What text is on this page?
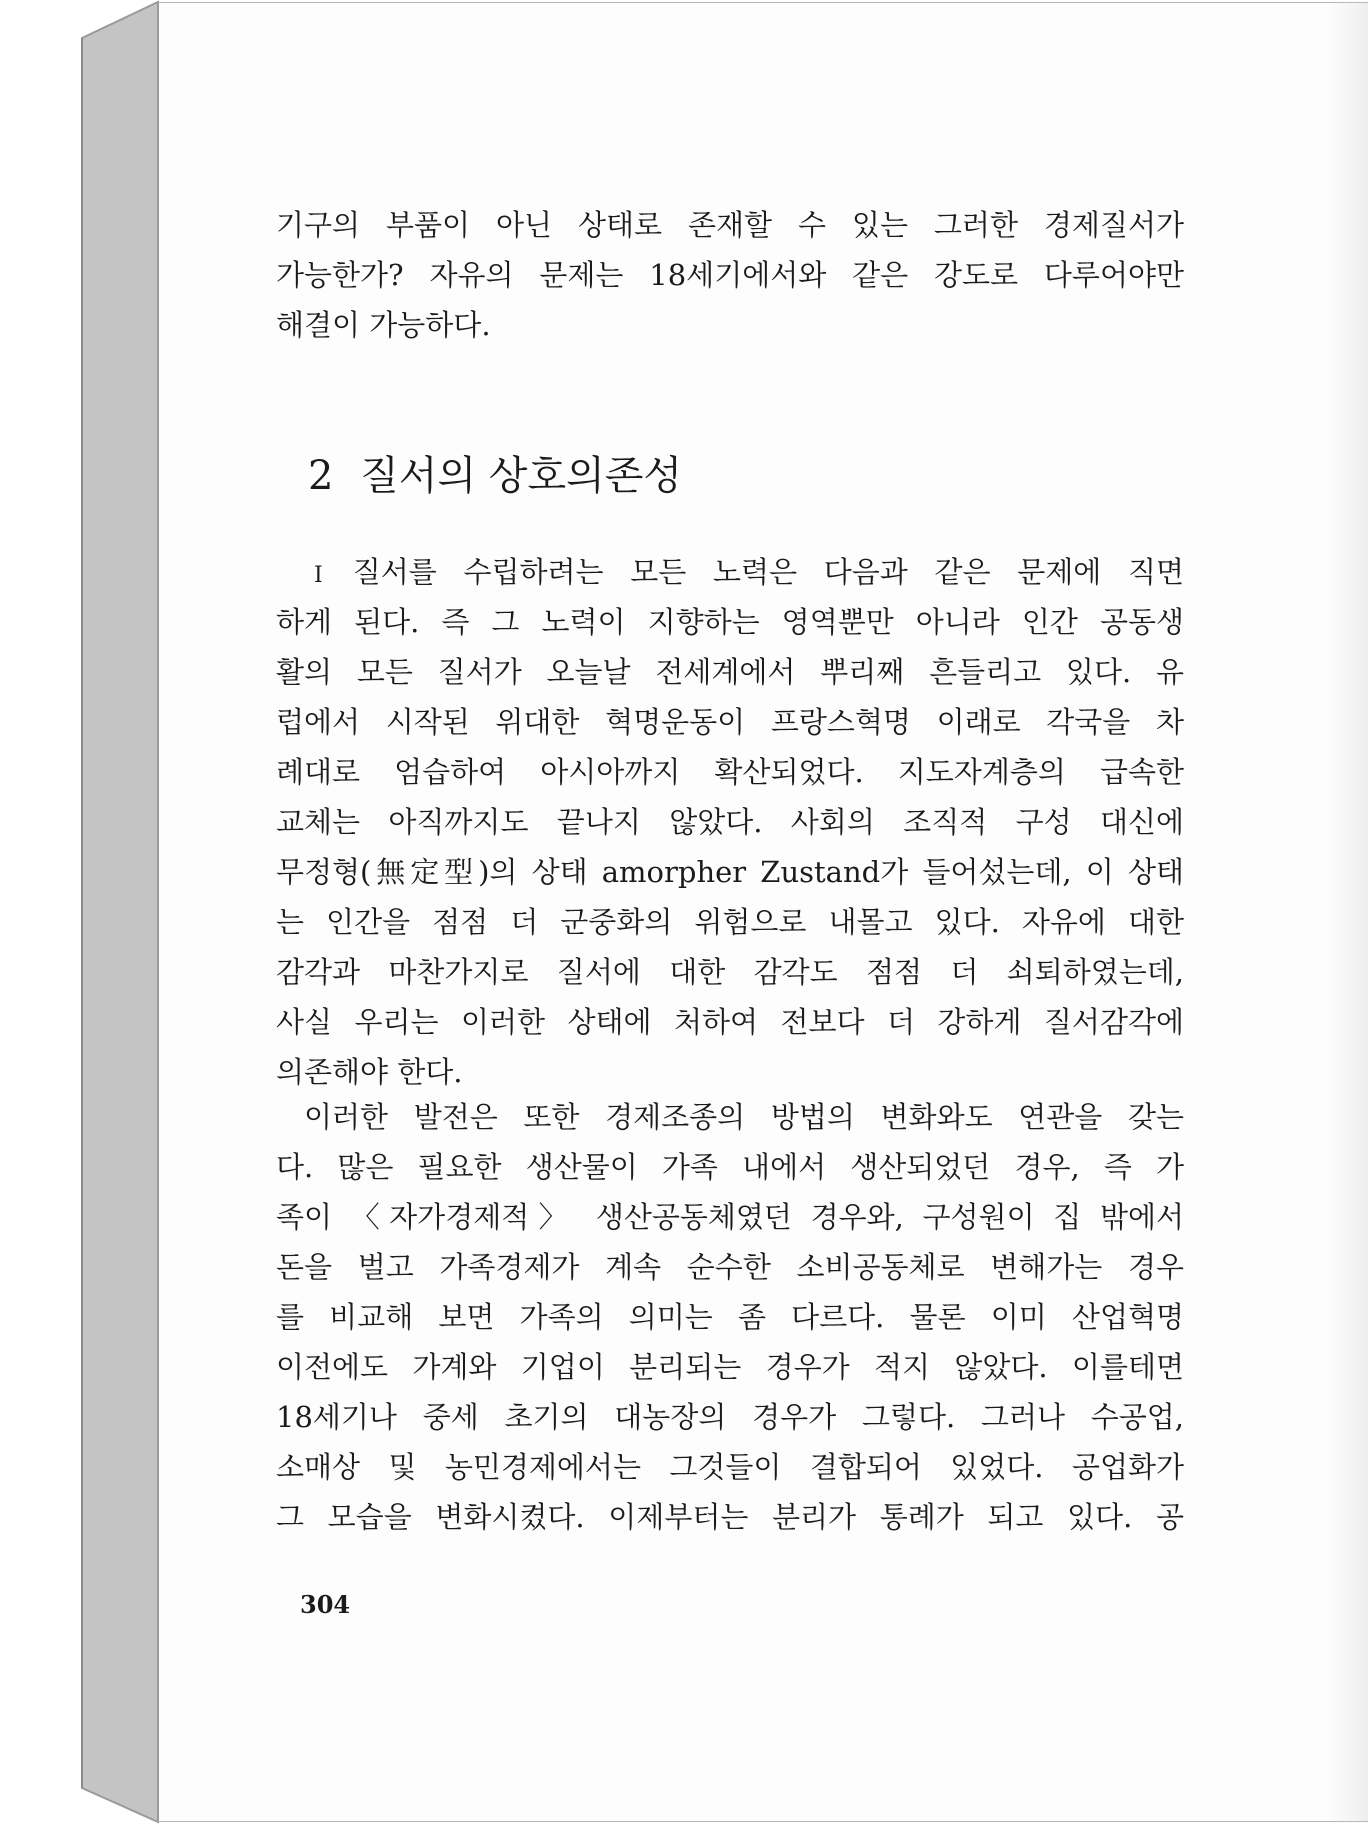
기구의 부품이 아닌 상태로 존재할 수 있는 그러한 경제질서가
가능한가? 자유의 문제는 18세기에서와 같은 강도로 다루어야만
해결이 가능하다.
2 질서의 상호의존성
I 질서를 수립하려는 모든 노력은 다음과 같은 문제에 직면
하게 된다. 즉 그 노력이 지향하는 영역뿐만 아니라 인간 공동생
활의 모든 질서가 오늘날 전세계에서 뿌리째 흔들리고 있다. 유
럽에서 시작된 위대한 혁명운동이 프랑스혁명 이래로 각국을 차
례대로 엄습하여 아시아까지 확산되었다. 지도자계층의 급속한
교체는 아직까지도 끝나지 않았다. 사회의 조직적 구성 대신에
무정형(無定型)의 상태 amorpher Zustand가 들어섰는데, 이 상태
는 인간을 점점 더 군중화의 위험으로 내몰고 있다. 자유에 대한
감각과 마찬가지로 질서에 대한 감각도 점점 더 쇠퇴하였는데,
사실 우리는 이러한 상태에 처하여 전보다 더 강하게 질서감각에
의존해야 한다.
이러한 발전은 또한 경제조종의 방법의 변화와도 연관을 갖는
다. 많은 필요한 생산물이 가족 내에서 생산되었던 경우, 즉 가
족이 〈자가경제적〉 생산공동체였던 경우와, 구성원이 집 밖에서
돈을 벌고 가족경제가 계속 순수한 소비공동체로 변해가는 경우
를 비교해 보면 가족의 의미는 좀 다르다. 물론 이미 산업혁명
이전에도 가계와 기업이 분리되는 경우가 적지 않았다. 이를테면
18세기나 중세 초기의 대농장의 경우가 그렇다. 그러나 수공업,
소매상 및 농민경제에서는 그것들이 결합되어 있었다. 공업화가
그 모습을 변화시켰다. 이제부터는 분리가 통례가 되고 있다. 공
304
